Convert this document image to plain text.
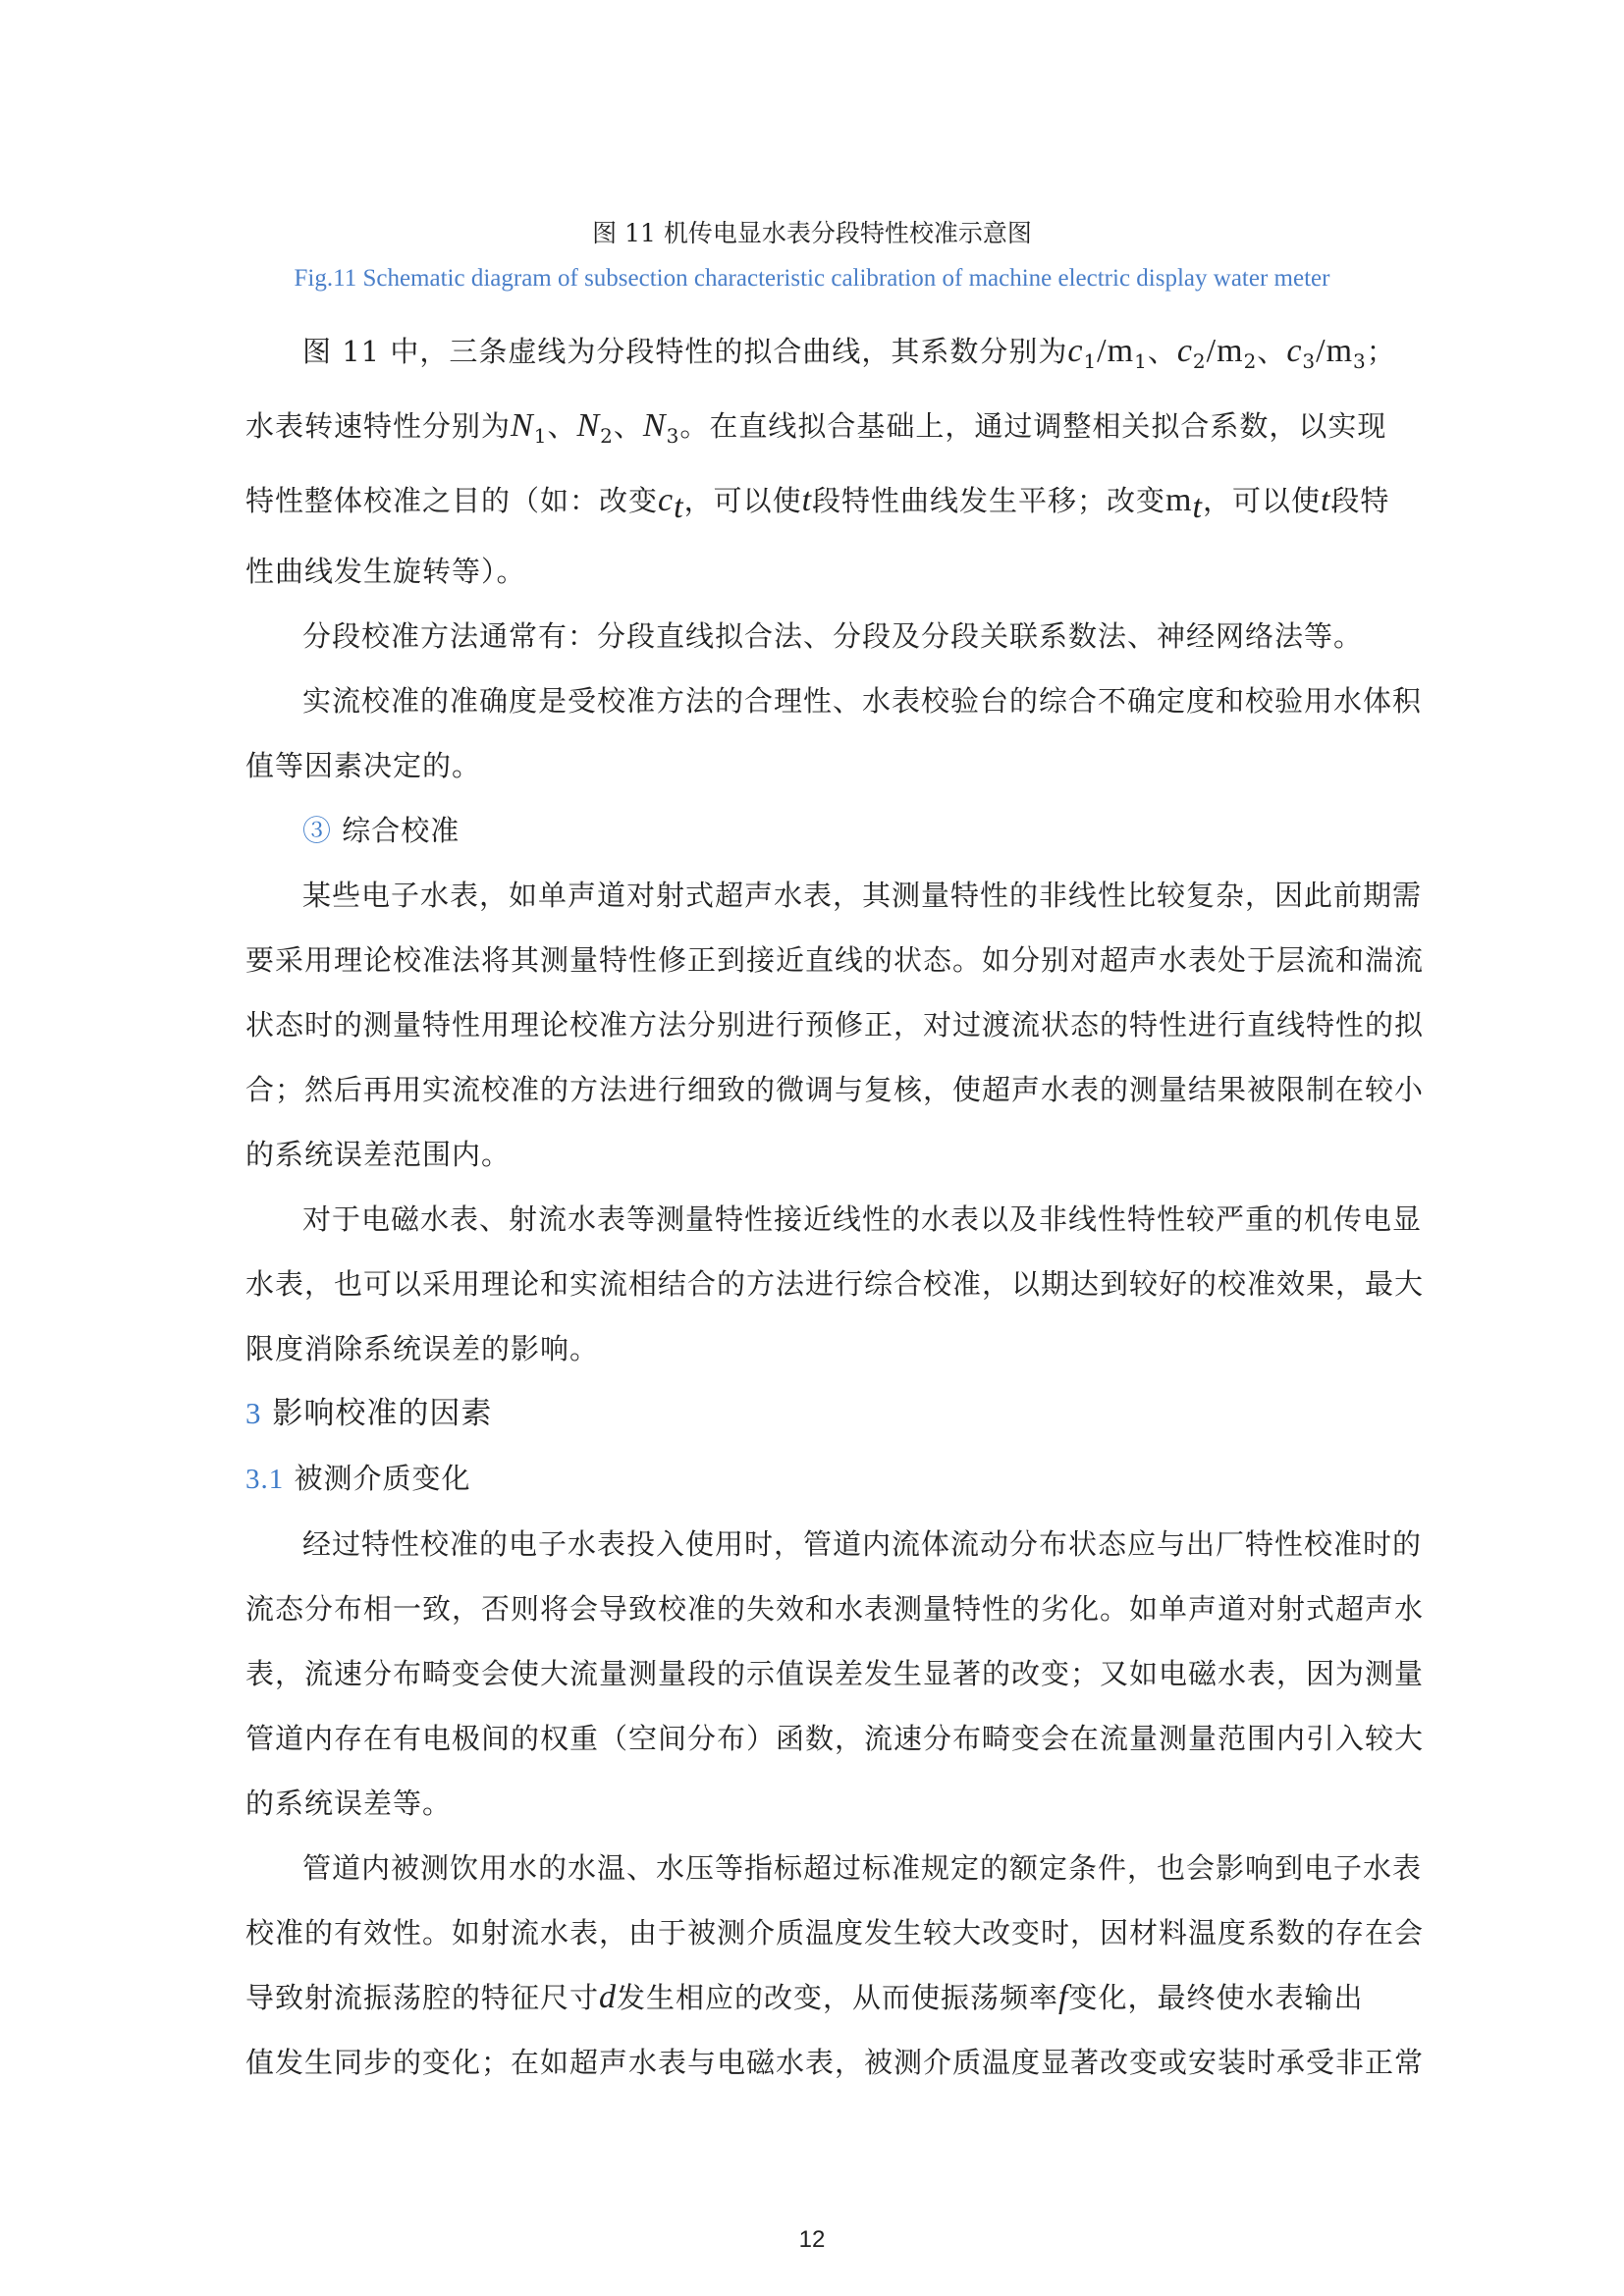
图 11 机传电显水表分段特性校准示意图
Fig.11 Schematic diagram of subsection characteristic calibration of machine electric display water meter
图 11 中，三条虚线为分段特性的拟合曲线，其系数分别为$c_1/m_1$、$c_2/m_2$、$c_3/m_3$；
水表转速特性分别为$N_1$、$N_2$、$N_3$。在直线拟合基础上，通过调整相关拟合系数，以实现
特性整体校准之目的（如：改变$c_t$，可以使t段特性曲线发生平移；改变$m_t$，可以使t段特
性曲线发生旋转等）。
分段校准方法通常有：分段直线拟合法、分段及分段关联系数法、神经网络法等。
实流校准的准确度是受校准方法的合理性、水表校验台的综合不确定度和校验用水体积
值等因素决定的。
③ 综合校准
某些电子水表，如单声道对射式超声水表，其测量特性的非线性比较复杂，因此前期需
要采用理论校准法将其测量特性修正到接近直线的状态。如分别对超声水表处于层流和湍流
状态时的测量特性用理论校准方法分别进行预修正，对过渡流状态的特性进行直线特性的拟
合；然后再用实流校准的方法进行细致的微调与复核，使超声水表的测量结果被限制在较小
的系统误差范围内。
对于电磁水表、射流水表等测量特性接近线性的水表以及非线性特性较严重的机传电显
水表，也可以采用理论和实流相结合的方法进行综合校准，以期达到较好的校准效果，最大
限度消除系统误差的影响。
3 影响校准的因素
3.1 被测介质变化
经过特性校准的电子水表投入使用时，管道内流体流动分布状态应与出厂特性校准时的
流态分布相一致，否则将会导致校准的失效和水表测量特性的劣化。如单声道对射式超声水
表，流速分布畸变会使大流量测量段的示值误差发生显著的改变；又如电磁水表，因为测量
管道内存在有电极间的权重（空间分布）函数，流速分布畸变会在流量测量范围内引入较大
的系统误差等。
管道内被测饮用水的水温、水压等指标超过标准规定的额定条件，也会影响到电子水表
校准的有效性。如射流水表，由于被测介质温度发生较大改变时，因材料温度系数的存在会
导致射流振荡腔的特征尺寸d发生相应的改变，从而使振荡频率f变化，最终使水表输出
值发生同步的变化；在如超声水表与电磁水表，被测介质温度显著改变或安装时承受非正常
12
